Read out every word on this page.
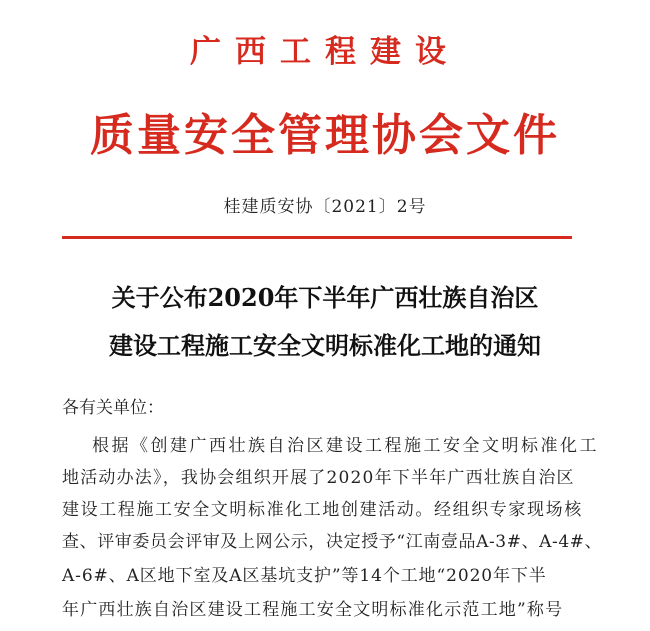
广西工程建设
质量安全管理协会文件
桂建质安协〔2021〕2号
关于公布2020年下半年广西壮族自治区
建设工程施工安全文明标准化工地的通知
各有关单位：
根据《创建广西壮族自治区建设工程施工安全文明标准化工
地活动办法》，我协会组织开展了2020年下半年广西壮族自治区
建设工程施工安全文明标准化工地创建活动。经组织专家现场核
查、评审委员会评审及上网公示，决定授予“江南壹品A-3#、A-4#、
A-6#、A区地下室及A区基坑支护”等14个工地“2020年下半
年广西壮族自治区建设工程施工安全文明标准化示范工地”称号
